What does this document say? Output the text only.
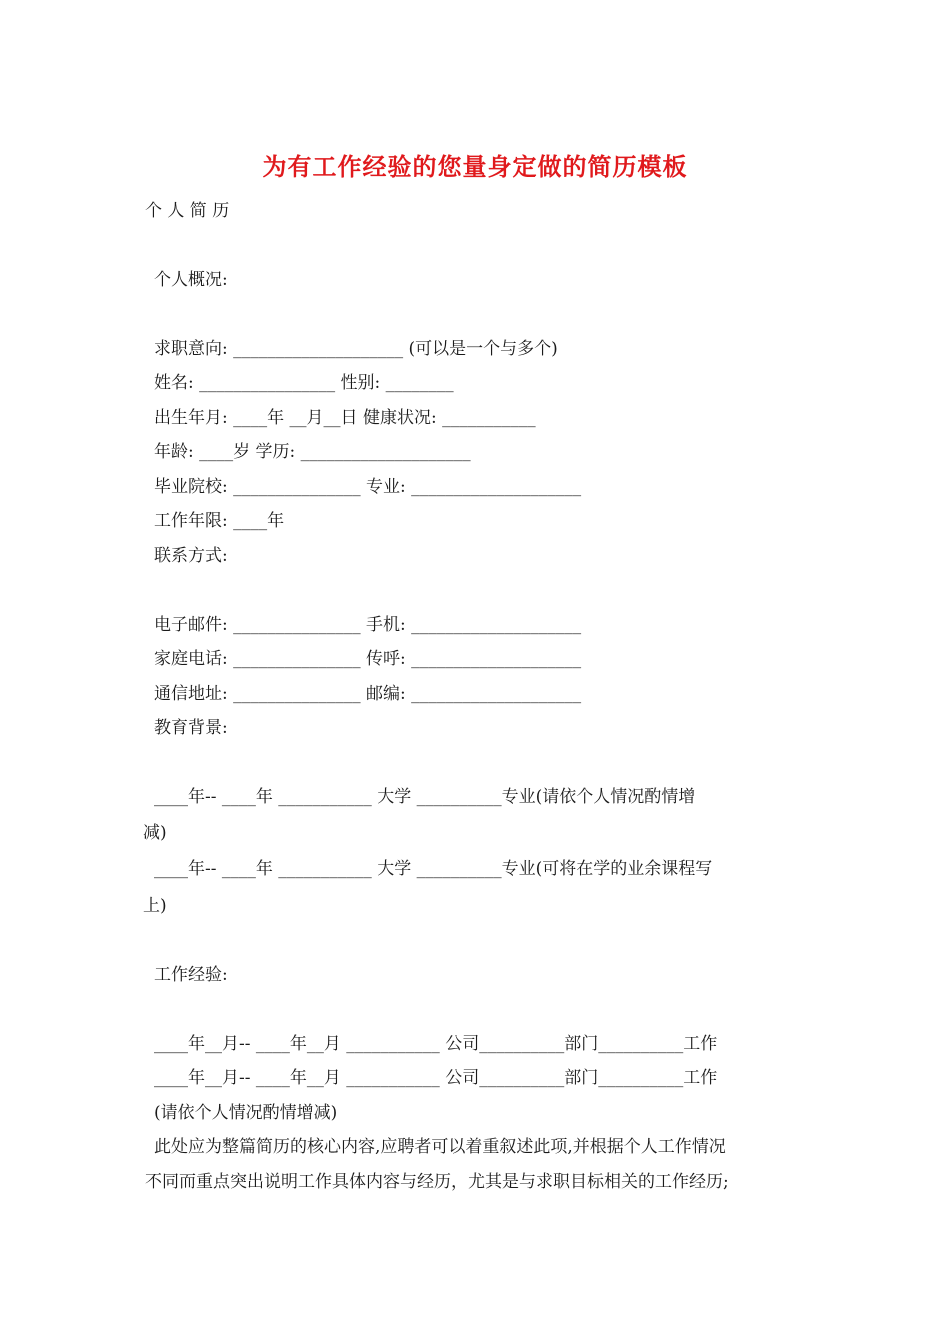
为有工作经验的您量身定做的简历模板
个 人 简 历
个人概况:
求职意向: ____________________ (可以是一个与多个)
姓名: ________________ 性别: ________
出生年月: ____年 __月__日 健康状况: ___________
年龄: ____岁 学历: ____________________
毕业院校: _______________ 专业: ____________________
工作年限: ____年
联系方式:
电子邮件: _______________ 手机: ____________________
家庭电话: _______________ 传呼: ____________________
通信地址: _______________ 邮编: ____________________
教育背景:
____年-- ____年 ___________ 大学 __________专业(请依个人情况酌情增
减)
____年-- ____年 ___________ 大学 __________专业(可将在学的业余课程写
上)
工作经验:
____年__月-- ____年__月 ___________ 公司__________部门__________工作
____年__月-- ____年__月 ___________ 公司__________部门__________工作
(请依个人情况酌情增减)
此处应为整篇简历的核心内容,应聘者可以着重叙述此项,并根据个人工作情况
不同而重点突出说明工作具体内容与经历，尤其是与求职目标相关的工作经历;
